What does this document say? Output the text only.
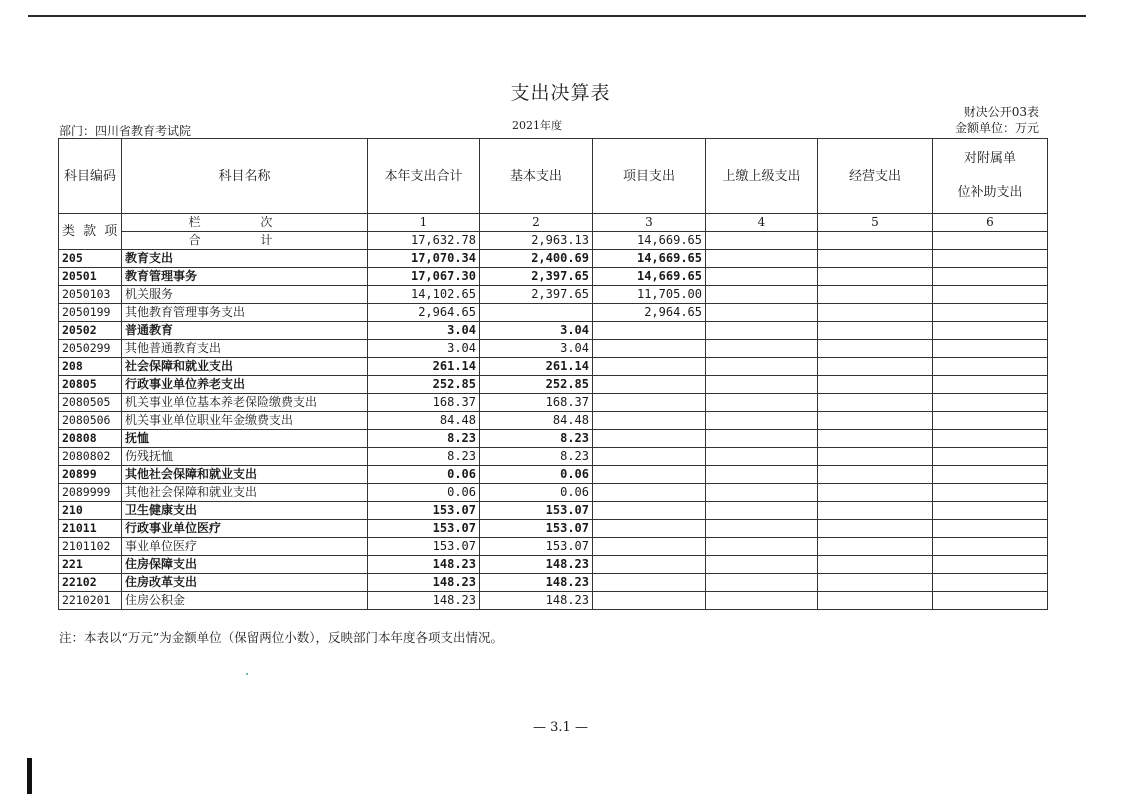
支出决算表
财决公开03表
金额单位：万元
部门：四川省教育考试院	2021年度
科目编码	科目名称	本年支出合计	基本支出	项目支出	上缴上级支出	经营支出	对附属单
位补助支出

类 款 项	栏 次	1	2	3	4	5	6
	合 计	17,632.78	2,963.13	14,669.65			
205	教育支出	17,070.34	2,400.69	14,669.65			
20501	教育管理事务	17,067.30	2,397.65	14,669.65			
2050103	机关服务	14,102.65	2,397.65	11,705.00			
2050199	其他教育管理事务支出	2,964.65		2,964.65			
20502	普通教育	3.04	3.04				
2050299	其他普通教育支出	3.04	3.04				
208	社会保障和就业支出	261.14	261.14				
20805	行政事业单位养老支出	252.85	252.85				
2080505	机关事业单位基本养老保险缴费支出	168.37	168.37				
2080506	机关事业单位职业年金缴费支出	84.48	84.48				
20808	抚恤	8.23	8.23				
2080802	伤残抚恤	8.23	8.23				
20899	其他社会保障和就业支出	0.06	0.06				
2089999	其他社会保障和就业支出	0.06	0.06				
210	卫生健康支出	153.07	153.07				
21011	行政事业单位医疗	153.07	153.07				
2101102	事业单位医疗	153.07	153.07				
221	住房保障支出	148.23	148.23				
22102	住房改革支出	148.23	148.23				
2210201	住房公积金	148.23	148.23				
注：本表以“万元”为金额单位（保留两位小数），反映部门本年度各项支出情况。
— 3.1 —
